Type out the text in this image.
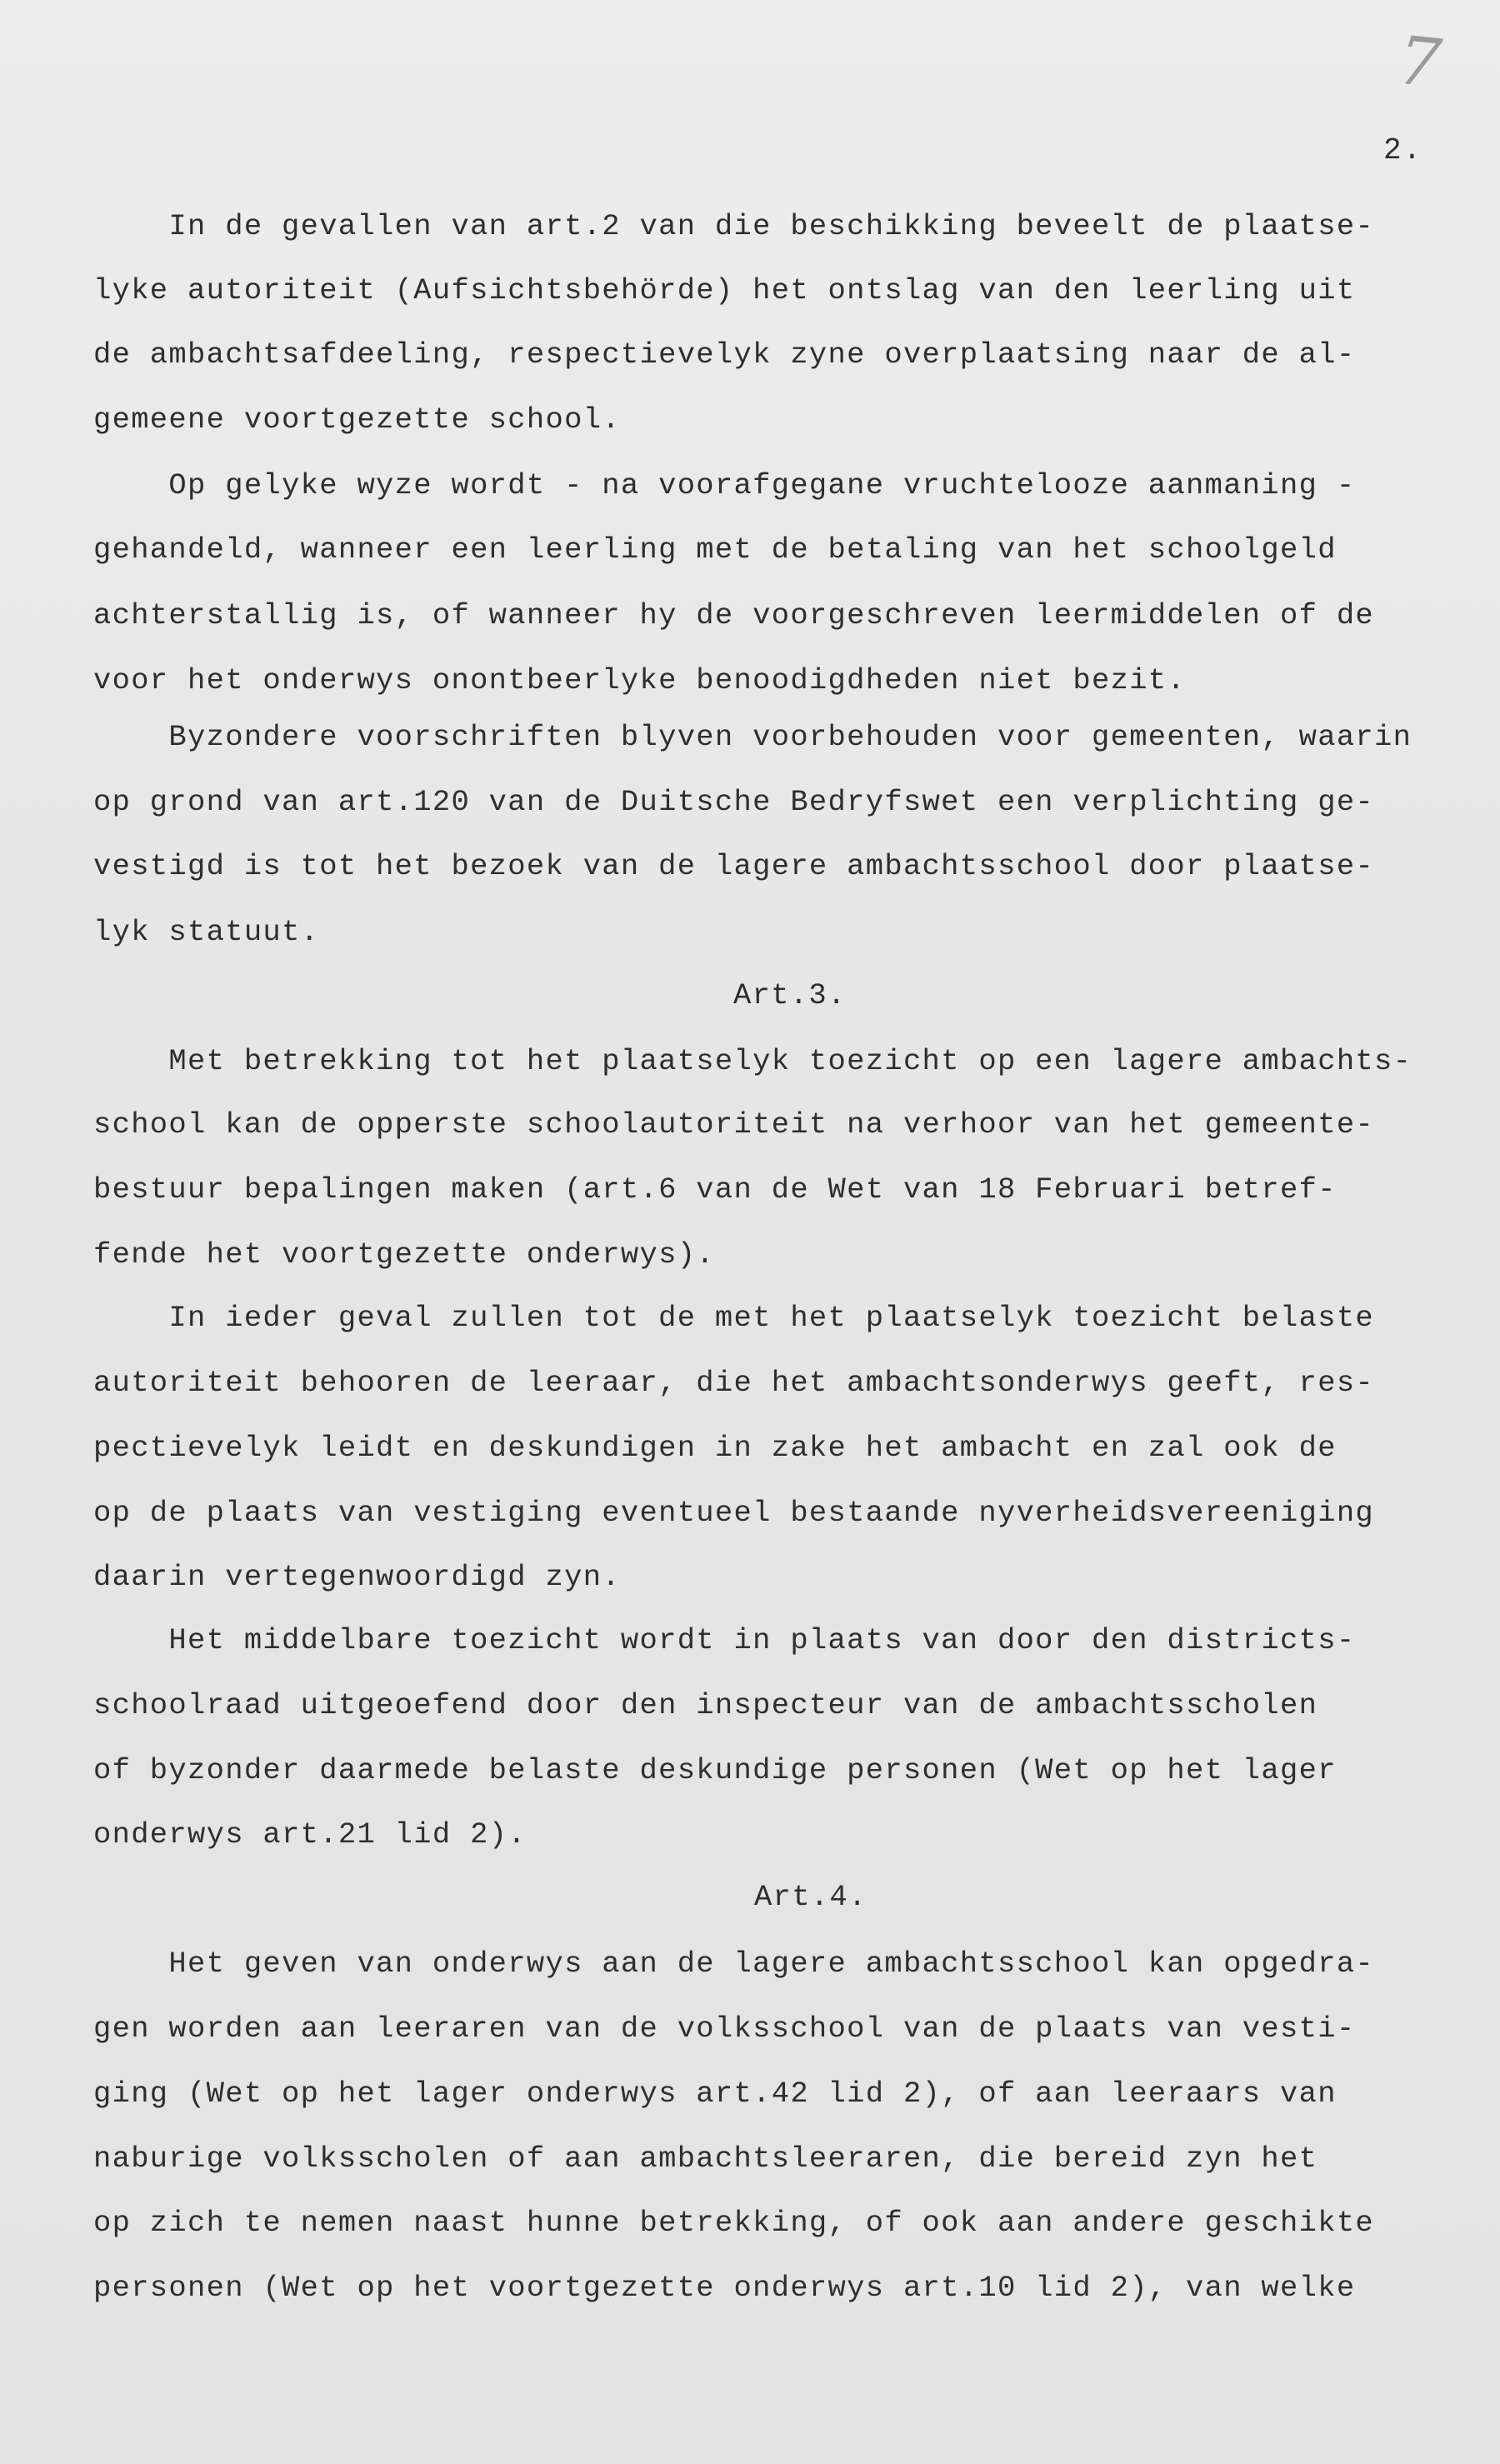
7
2.
In de gevallen van art.2 van die beschikking beveelt de plaatse-
lyke autoriteit (Aufsichtsbehörde) het ontslag van den leerling uit
de ambachtsafdeeling, respectievelyk zyne overplaatsing naar de al-
gemeene voortgezette school.
Op gelyke wyze wordt - na voorafgegane vruchtelooze aanmaning -
gehandeld, wanneer een leerling met de betaling van het schoolgeld
achterstallig is, of wanneer hy de voorgeschreven leermiddelen of de
voor het onderwys onontbeerlyke benoodigdheden niet bezit.
Byzondere voorschriften blyven voorbehouden voor gemeenten, waarin
op grond van art.120 van de Duitsche Bedryfswet een verplichting ge-
vestigd is tot het bezoek van de lagere ambachtsschool door plaatse-
lyk statuut.
Art.3.
Met betrekking tot het plaatselyk toezicht op een lagere ambachts-
school kan de opperste schoolautoriteit na verhoor van het gemeente-
bestuur bepalingen maken (art.6 van de Wet van 18 Februari betref-
fende het voortgezette onderwys).
In ieder geval zullen tot de met het plaatselyk toezicht belaste
autoriteit behooren de leeraar, die het ambachtsonderwys geeft, res-
pectievelyk leidt en deskundigen in zake het ambacht en zal ook de
op de plaats van vestiging eventueel bestaande nyverheidsvereeniging
daarin vertegenwoordigd zyn.
Het middelbare toezicht wordt in plaats van door den districts-
schoolraad uitgeoefend door den inspecteur van de ambachtsscholen
of byzonder daarmede belaste deskundige personen (Wet op het lager
onderwys art.21 lid 2).
Art.4.
Het geven van onderwys aan de lagere ambachtsschool kan opgedra-
gen worden aan leeraren van de volksschool van de plaats van vesti-
ging (Wet op het lager onderwys art.42 lid 2), of aan leeraars van
naburige volksscholen of aan ambachtsleeraren, die bereid zyn het
op zich te nemen naast hunne betrekking, of ook aan andere geschikte
personen (Wet op het voortgezette onderwys art.10 lid 2), van welke
